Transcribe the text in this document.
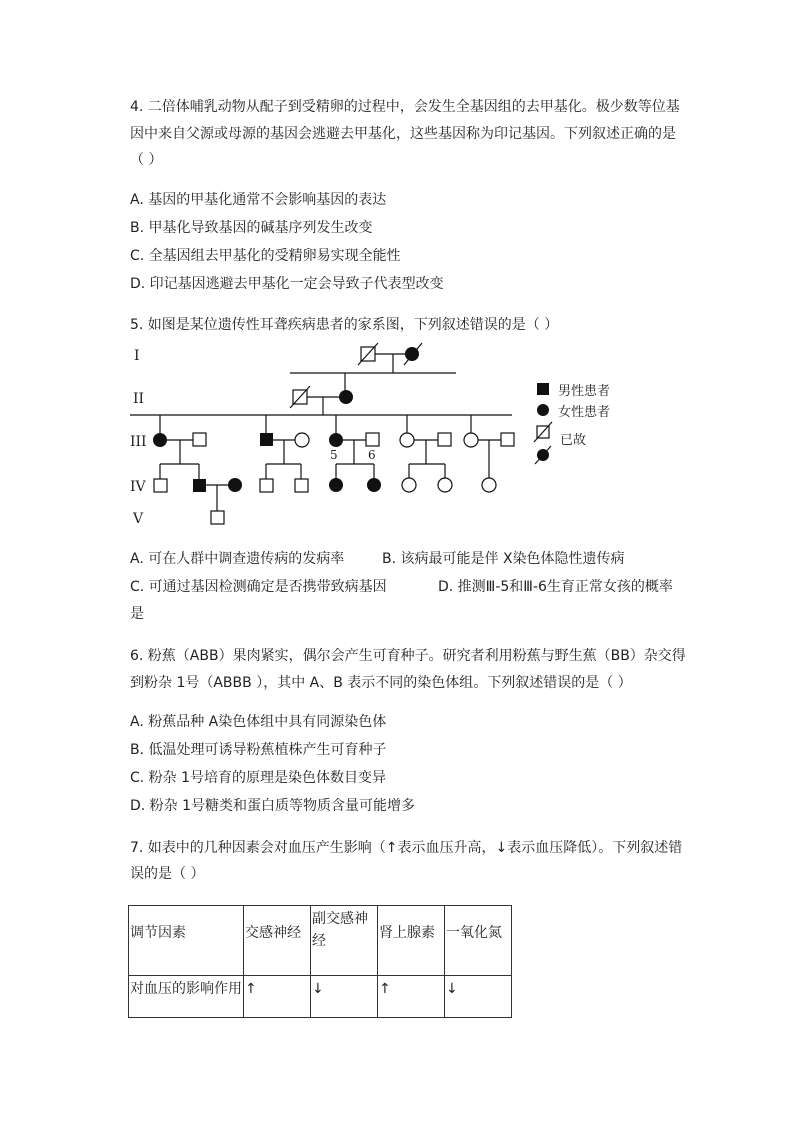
4. 二倍体哺乳动物从配子到受精卵的过程中，会发生全基因组的去甲基化。极少数等位基
因中来自父源或母源的基因会逃避去甲基化，这些基因称为印记基因。下列叙述正确的是
（ ）
A. 基因的甲基化通常不会影响基因的表达
B. 甲基化导致基因的碱基序列发生改变
C. 全基因组去甲基化的受精卵易实现全能性
D. 印记基因逃避去甲基化一定会导致子代表型改变
5. 如图是某位遗传性耳聋疾病患者的家系图，下列叙述错误的是（ ）
I
II
III
IV
V
5	6
男性患者
女性患者
已故
A. 可在人群中调查遗传病的发病率	B. 该病最可能是伴 X染色体隐性遗传病
C. 可通过基因检测确定是否携带致病基因	D. 推测Ⅲ-5和Ⅲ-6生育正常女孩的概率
是
6. 粉蕉（ABB）果肉紧实，偶尔会产生可育种子。研究者利用粉蕉与野生蕉（BB）杂交得
到粉杂 1号（ABBB ），其中 A、B 表示不同的染色体组。下列叙述错误的是（ ）
A. 粉蕉品种 A染色体组中具有同源染色体
B. 低温处理可诱导粉蕉植株产生可育种子
C. 粉杂 1号培育的原理是染色体数目变异
D. 粉杂 1号糖类和蛋白质等物质含量可能增多
7. 如表中的几种因素会对血压产生影响（↑表示血压升高，↓表示血压降低）。下列叙述错
误的是（ ）
调节因素	交感神经	副交感神
经	肾上腺素	一氧化氮
对血压的影响作用	↑	↓	↑	↓
